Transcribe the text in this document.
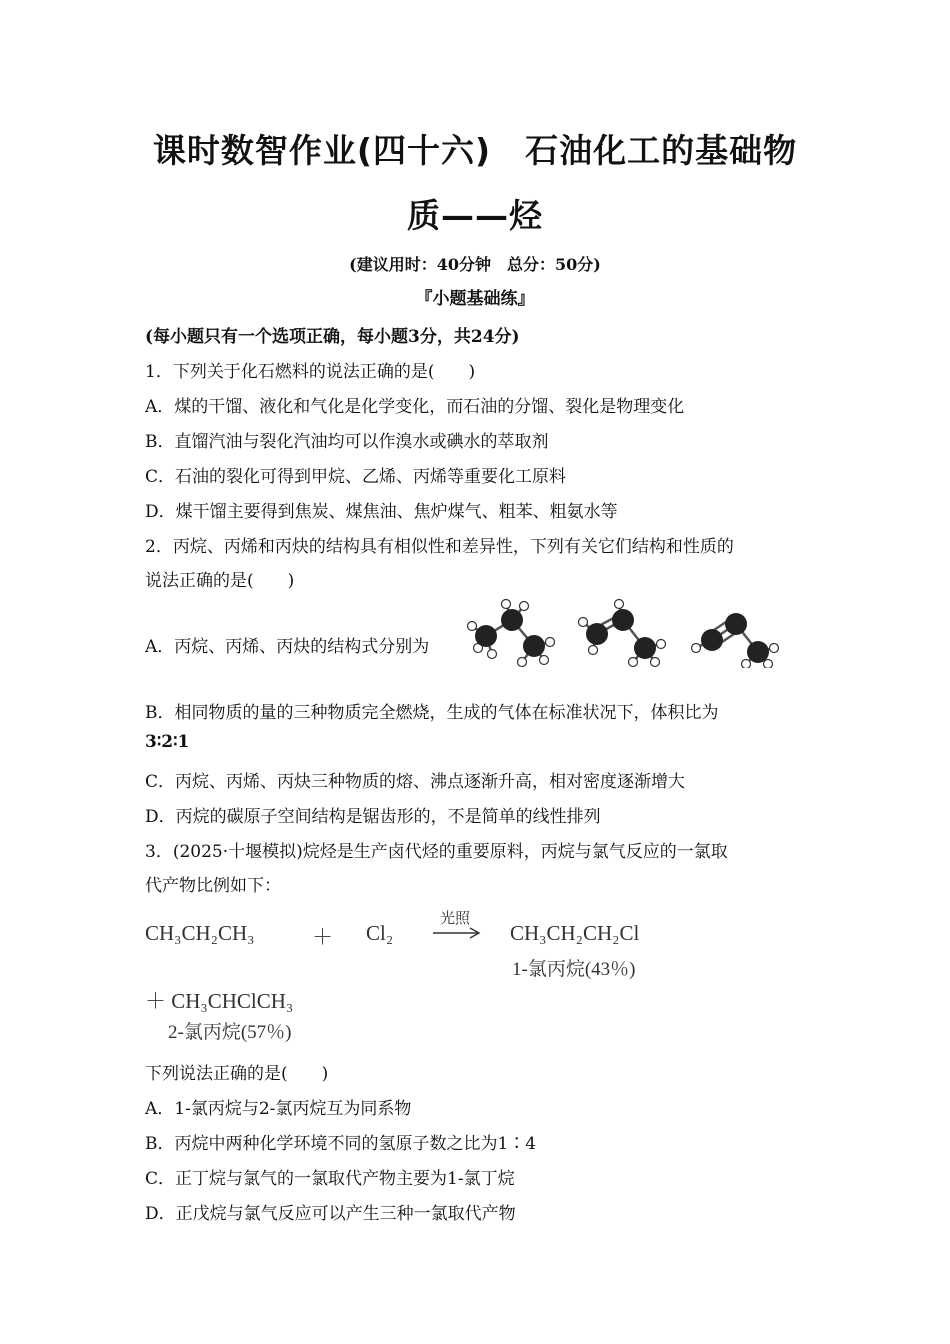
课时数智作业(四十六)　石油化工的基础物
质——烃
(建议用时：40分钟　总分：50分)
『小题基础练』
(每小题只有一个选项正确，每小题3分，共24分)
1．下列关于化石燃料的说法正确的是(　　)
A．煤的干馏、液化和气化是化学变化，而石油的分馏、裂化是物理变化
B．直馏汽油与裂化汽油均可以作溴水或碘水的萃取剂
C．石油的裂化可得到甲烷、乙烯、丙烯等重要化工原料
D．煤干馏主要得到焦炭、煤焦油、焦炉煤气、粗苯、粗氨水等
2．丙烷、丙烯和丙炔的结构具有相似性和差异性，下列有关它们结构和性质的
说法正确的是(　　)
A．丙烷、丙烯、丙炔的结构式分别为
B．相同物质的量的三种物质完全燃烧，生成的气体在标准状况下，体积比为
3∶2∶1
C．丙烷、丙烯、丙炔三种物质的熔、沸点逐渐升高，相对密度逐渐增大
D．丙烷的碳原子空间结构是锯齿形的，不是简单的线性排列
3．(2025·十堰模拟)烷烃是生产卤代烃的重要原料，丙烷与氯气反应的一氯取
代产物比例如下：
CH₃CH₂CH₃	＋ Cl₂
光照
CH₃CH₂CH₂Cl
1-氯丙烷(43％)
＋ CH₃CHClCH₃
2-氯丙烷(57％)
下列说法正确的是(　　)
A．1-氯丙烷与2-氯丙烷互为同系物
B．丙烷中两种化学环境不同的氢原子数之比为1∶4
C．正丁烷与氯气的一氯取代产物主要为1-氯丁烷
D．正戊烷与氯气反应可以产生三种一氯取代产物
